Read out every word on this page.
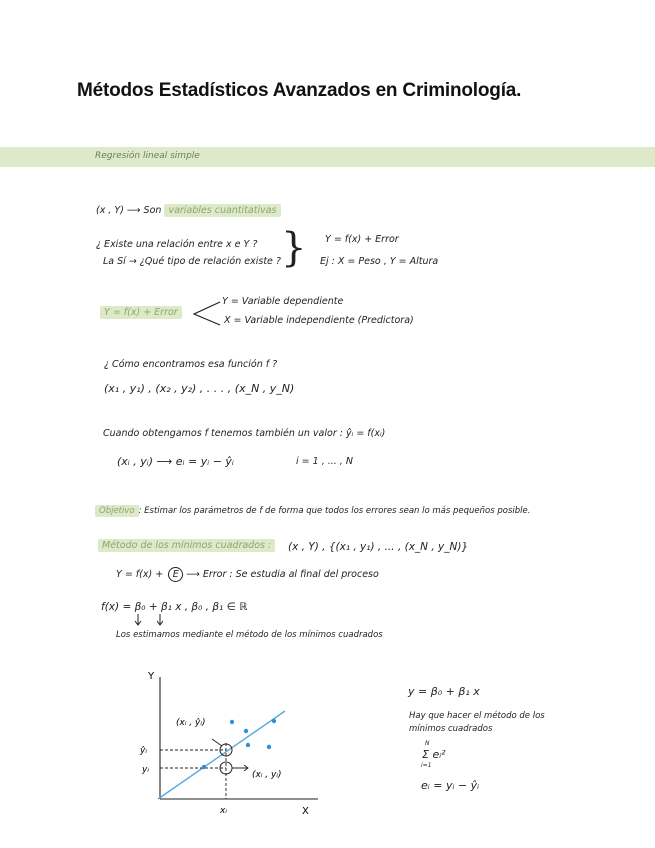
Métodos Estadísticos Avanzados en Criminología.
Regresión lineal simple
(x , Y) ⟶ Son variables cuantitativas
¿ Existe una relación entre x e Y ?
La Sí → ¿Qué tipo de relación existe ? } Y = f(x) + Error
Ej : X = Peso , Y = Altura
Y = f(x) + Error
Y = Variable dependiente
X = Variable independiente (Predictora)
¿ Cómo encontramos esa función f ?
(x₁ , y₁) , (x₂ , y₂) , . . . , (x_N , y_N)
Cuando obtengamos f tenemos también un valor : ŷᵢ = f(xᵢ)
(xᵢ , yᵢ) ⟶ eᵢ = yᵢ − ŷᵢ	i = 1 , ... , N
Objetivo : Estimar los parámetros de f de forma que todos los errores sean lo más pequeños posible.
Método de los mínimos cuadrados :	(x , Y) , {(x₁ , y₁) , ... , (x_N , y_N)}
Y = f(x) + E ⟶ Error : Se estudia al final del proceso
f(x) = β₀ + β₁ x , β₀ , β₁ ∈ ℝ
Los estimamos mediante el método de los mínimos cuadrados
Y
X
xᵢ
ŷᵢ
yᵢ
(xᵢ , ŷᵢ)
(xᵢ , yᵢ)
y = β₀ + β₁ x
Hay que hacer el método de los
mínimos cuadrados
N
Σ eᵢ²
i=1
eᵢ = yᵢ − ŷᵢ
